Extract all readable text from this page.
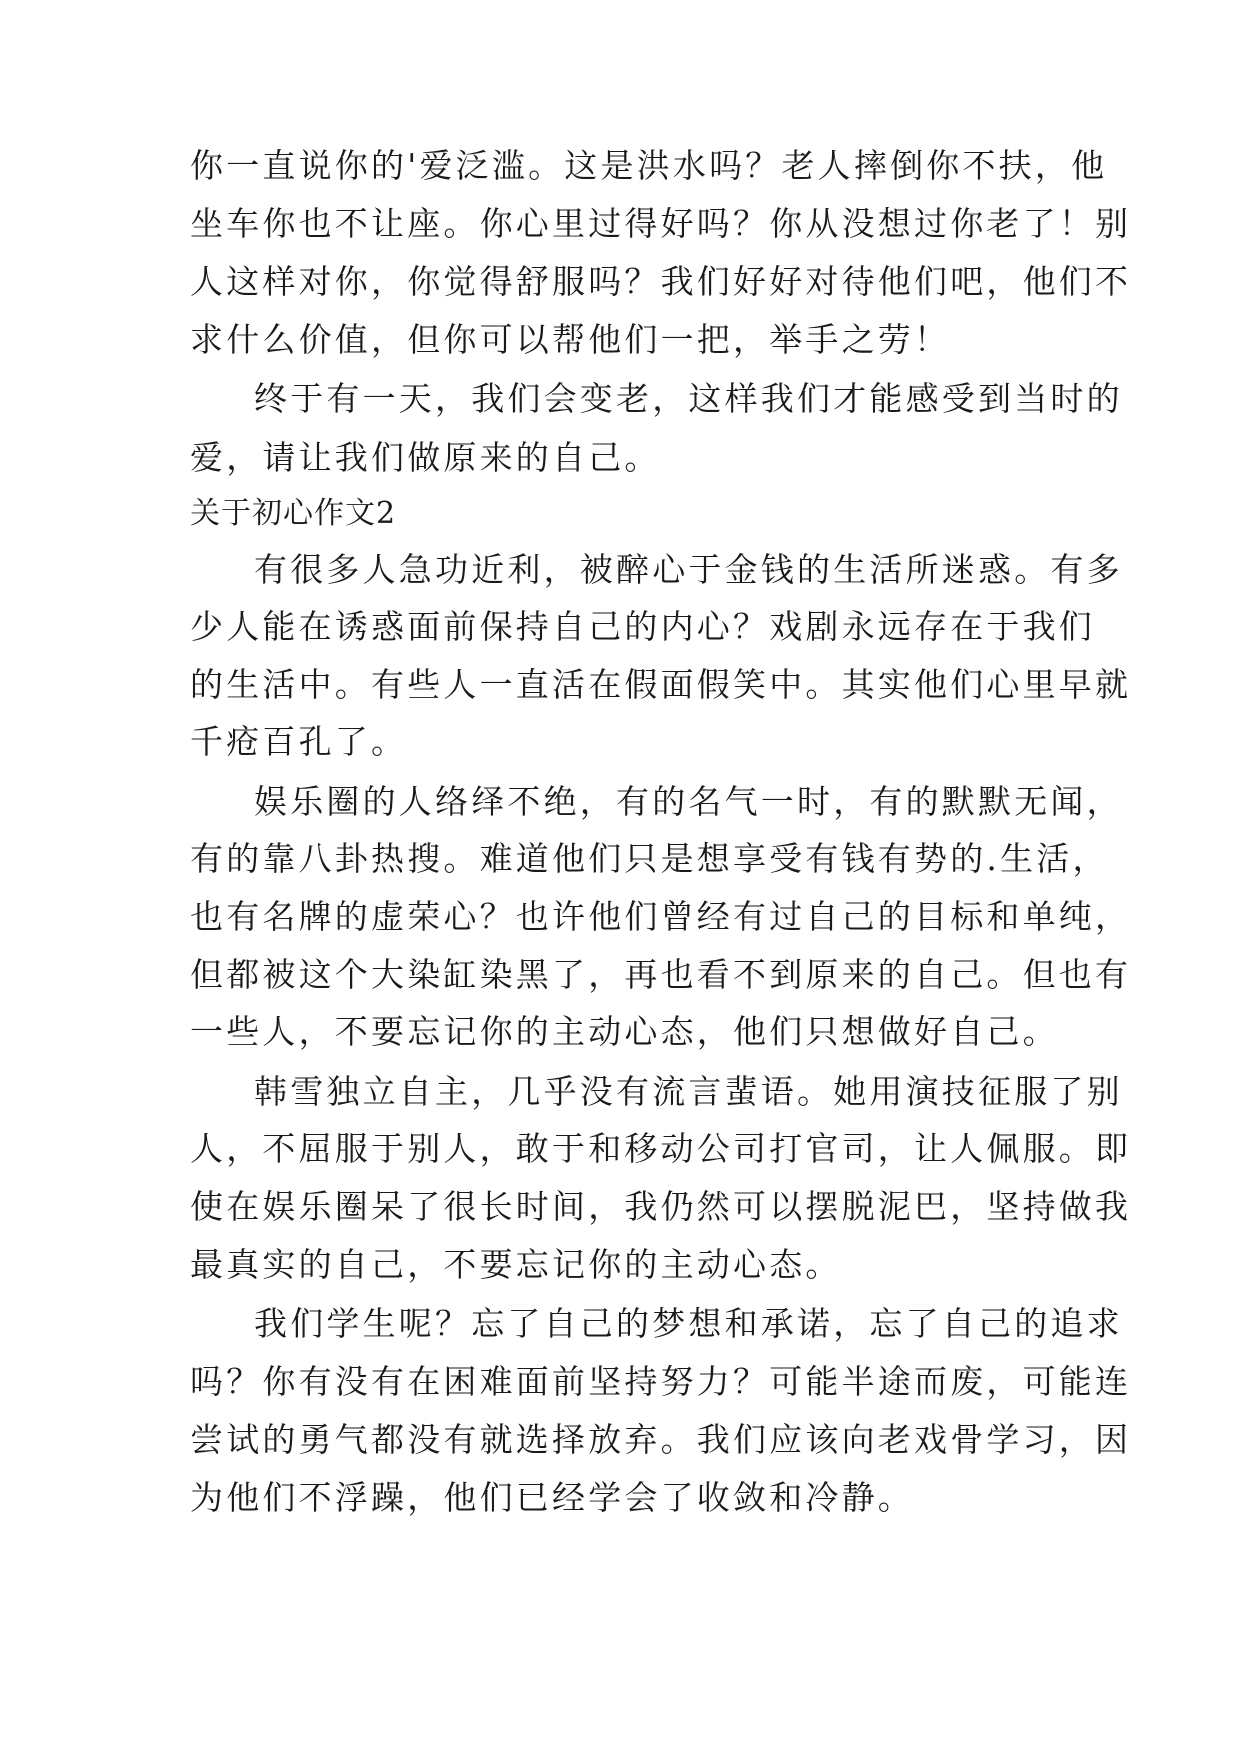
你一直说你的'爱泛滥。这是洪水吗？老人摔倒你不扶，他
坐车你也不让座。你心里过得好吗？你从没想过你老了！别
人这样对你，你觉得舒服吗？我们好好对待他们吧，他们不
求什么价值，但你可以帮他们一把，举手之劳！
终于有一天，我们会变老，这样我们才能感受到当时的
爱，请让我们做原来的自己。
关于初心作文2
有很多人急功近利，被醉心于金钱的生活所迷惑。有多
少人能在诱惑面前保持自己的内心？戏剧永远存在于我们
的生活中。有些人一直活在假面假笑中。其实他们心里早就
千疮百孔了。
娱乐圈的人络绎不绝，有的名气一时，有的默默无闻，
有的靠八卦热搜。难道他们只是想享受有钱有势的.生活，
也有名牌的虚荣心？也许他们曾经有过自己的目标和单纯，
但都被这个大染缸染黑了，再也看不到原来的自己。但也有
一些人，不要忘记你的主动心态，他们只想做好自己。
韩雪独立自主，几乎没有流言蜚语。她用演技征服了别
人，不屈服于别人，敢于和移动公司打官司，让人佩服。即
使在娱乐圈呆了很长时间，我仍然可以摆脱泥巴，坚持做我
最真实的自己，不要忘记你的主动心态。
我们学生呢？忘了自己的梦想和承诺，忘了自己的追求
吗？你有没有在困难面前坚持努力？可能半途而废，可能连
尝试的勇气都没有就选择放弃。我们应该向老戏骨学习，因
为他们不浮躁，他们已经学会了收敛和冷静。
